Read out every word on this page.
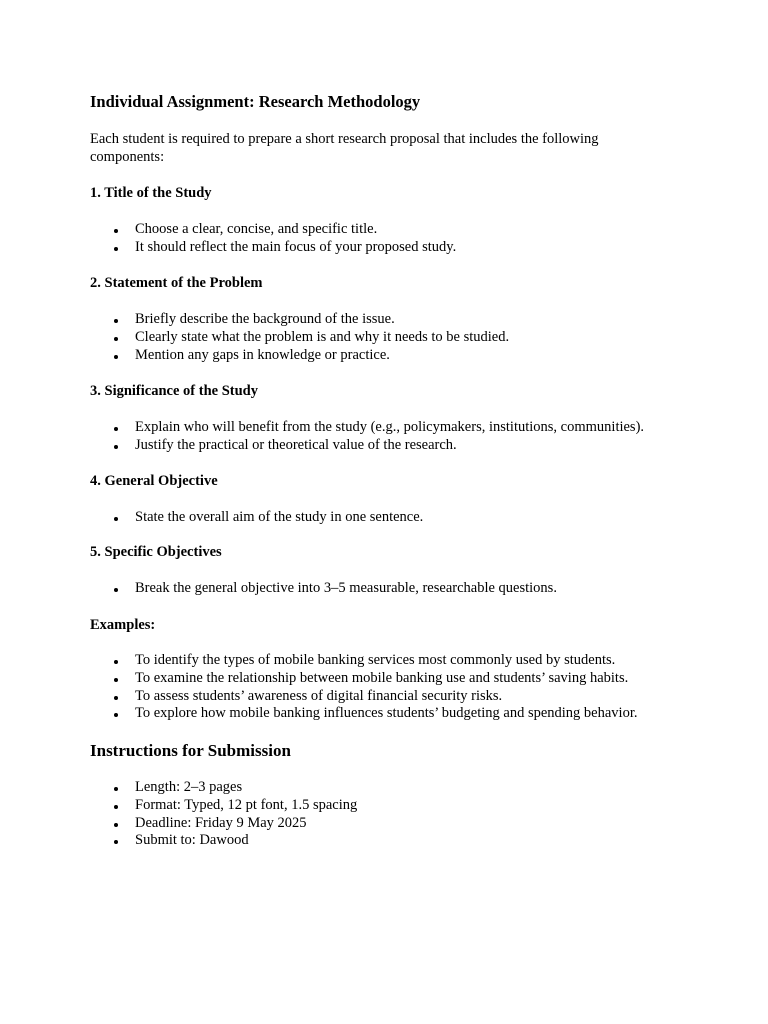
Individual Assignment: Research Methodology
Each student is required to prepare a short research proposal that includes the following components:
1. Title of the Study
Choose a clear, concise, and specific title.
It should reflect the main focus of your proposed study.
2. Statement of the Problem
Briefly describe the background of the issue.
Clearly state what the problem is and why it needs to be studied.
Mention any gaps in knowledge or practice.
3. Significance of the Study
Explain who will benefit from the study (e.g., policymakers, institutions, communities).
Justify the practical or theoretical value of the research.
4. General Objective
State the overall aim of the study in one sentence.
5. Specific Objectives
Break the general objective into 3–5 measurable, researchable questions.
Examples:
To identify the types of mobile banking services most commonly used by students.
To examine the relationship between mobile banking use and students’ saving habits.
To assess students’ awareness of digital financial security risks.
To explore how mobile banking influences students’ budgeting and spending behavior.
Instructions for Submission
Length: 2–3 pages
Format: Typed, 12 pt font, 1.5 spacing
Deadline: Friday 9 May 2025
Submit to: Dawood
